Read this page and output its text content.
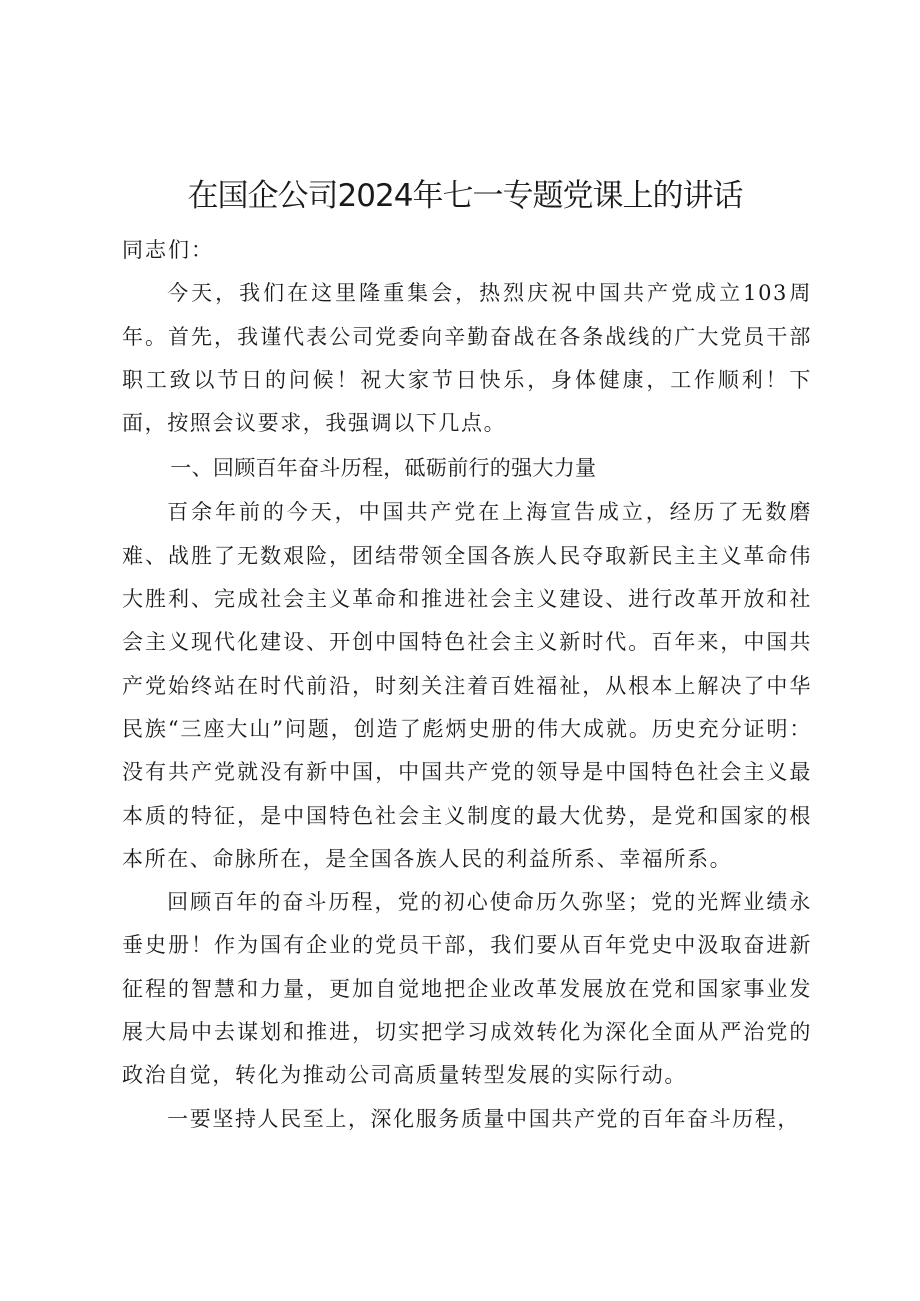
在国企公司2024年七一专题党课上的讲话

同志们：

今天，我们在这里隆重集会，热烈庆祝中国共产党成立103周年。首先，我谨代表公司党委向辛勤奋战在各条战线的广大党员干部职工致以节日的问候！祝大家节日快乐，身体健康，工作顺利！下面，按照会议要求，我强调以下几点。

一、回顾百年奋斗历程，砥砺前行的强大力量

百余年前的今天，中国共产党在上海宣告成立，经历了无数磨难、战胜了无数艰险，团结带领全国各族人民夺取新民主主义革命伟大胜利、完成社会主义革命和推进社会主义建设、进行改革开放和社会主义现代化建设、开创中国特色社会主义新时代。百年来，中国共产党始终站在时代前沿，时刻关注着百姓福祉，从根本上解决了中华民族“三座大山”问题，创造了彪炳史册的伟大成就。历史充分证明：没有共产党就没有新中国，中国共产党的领导是中国特色社会主义最本质的特征，是中国特色社会主义制度的最大优势，是党和国家的根本所在、命脉所在，是全国各族人民的利益所系、幸福所系。

回顾百年的奋斗历程，党的初心使命历久弥坚；党的光辉业绩永垂史册！作为国有企业的党员干部，我们要从百年党史中汲取奋进新征程的智慧和力量，更加自觉地把企业改革发展放在党和国家事业发展大局中去谋划和推进，切实把学习成效转化为深化全面从严治党的政治自觉，转化为推动公司高质量转型发展的实际行动。

一要坚持人民至上，深化服务质量中国共产党的百年奋斗历程，
